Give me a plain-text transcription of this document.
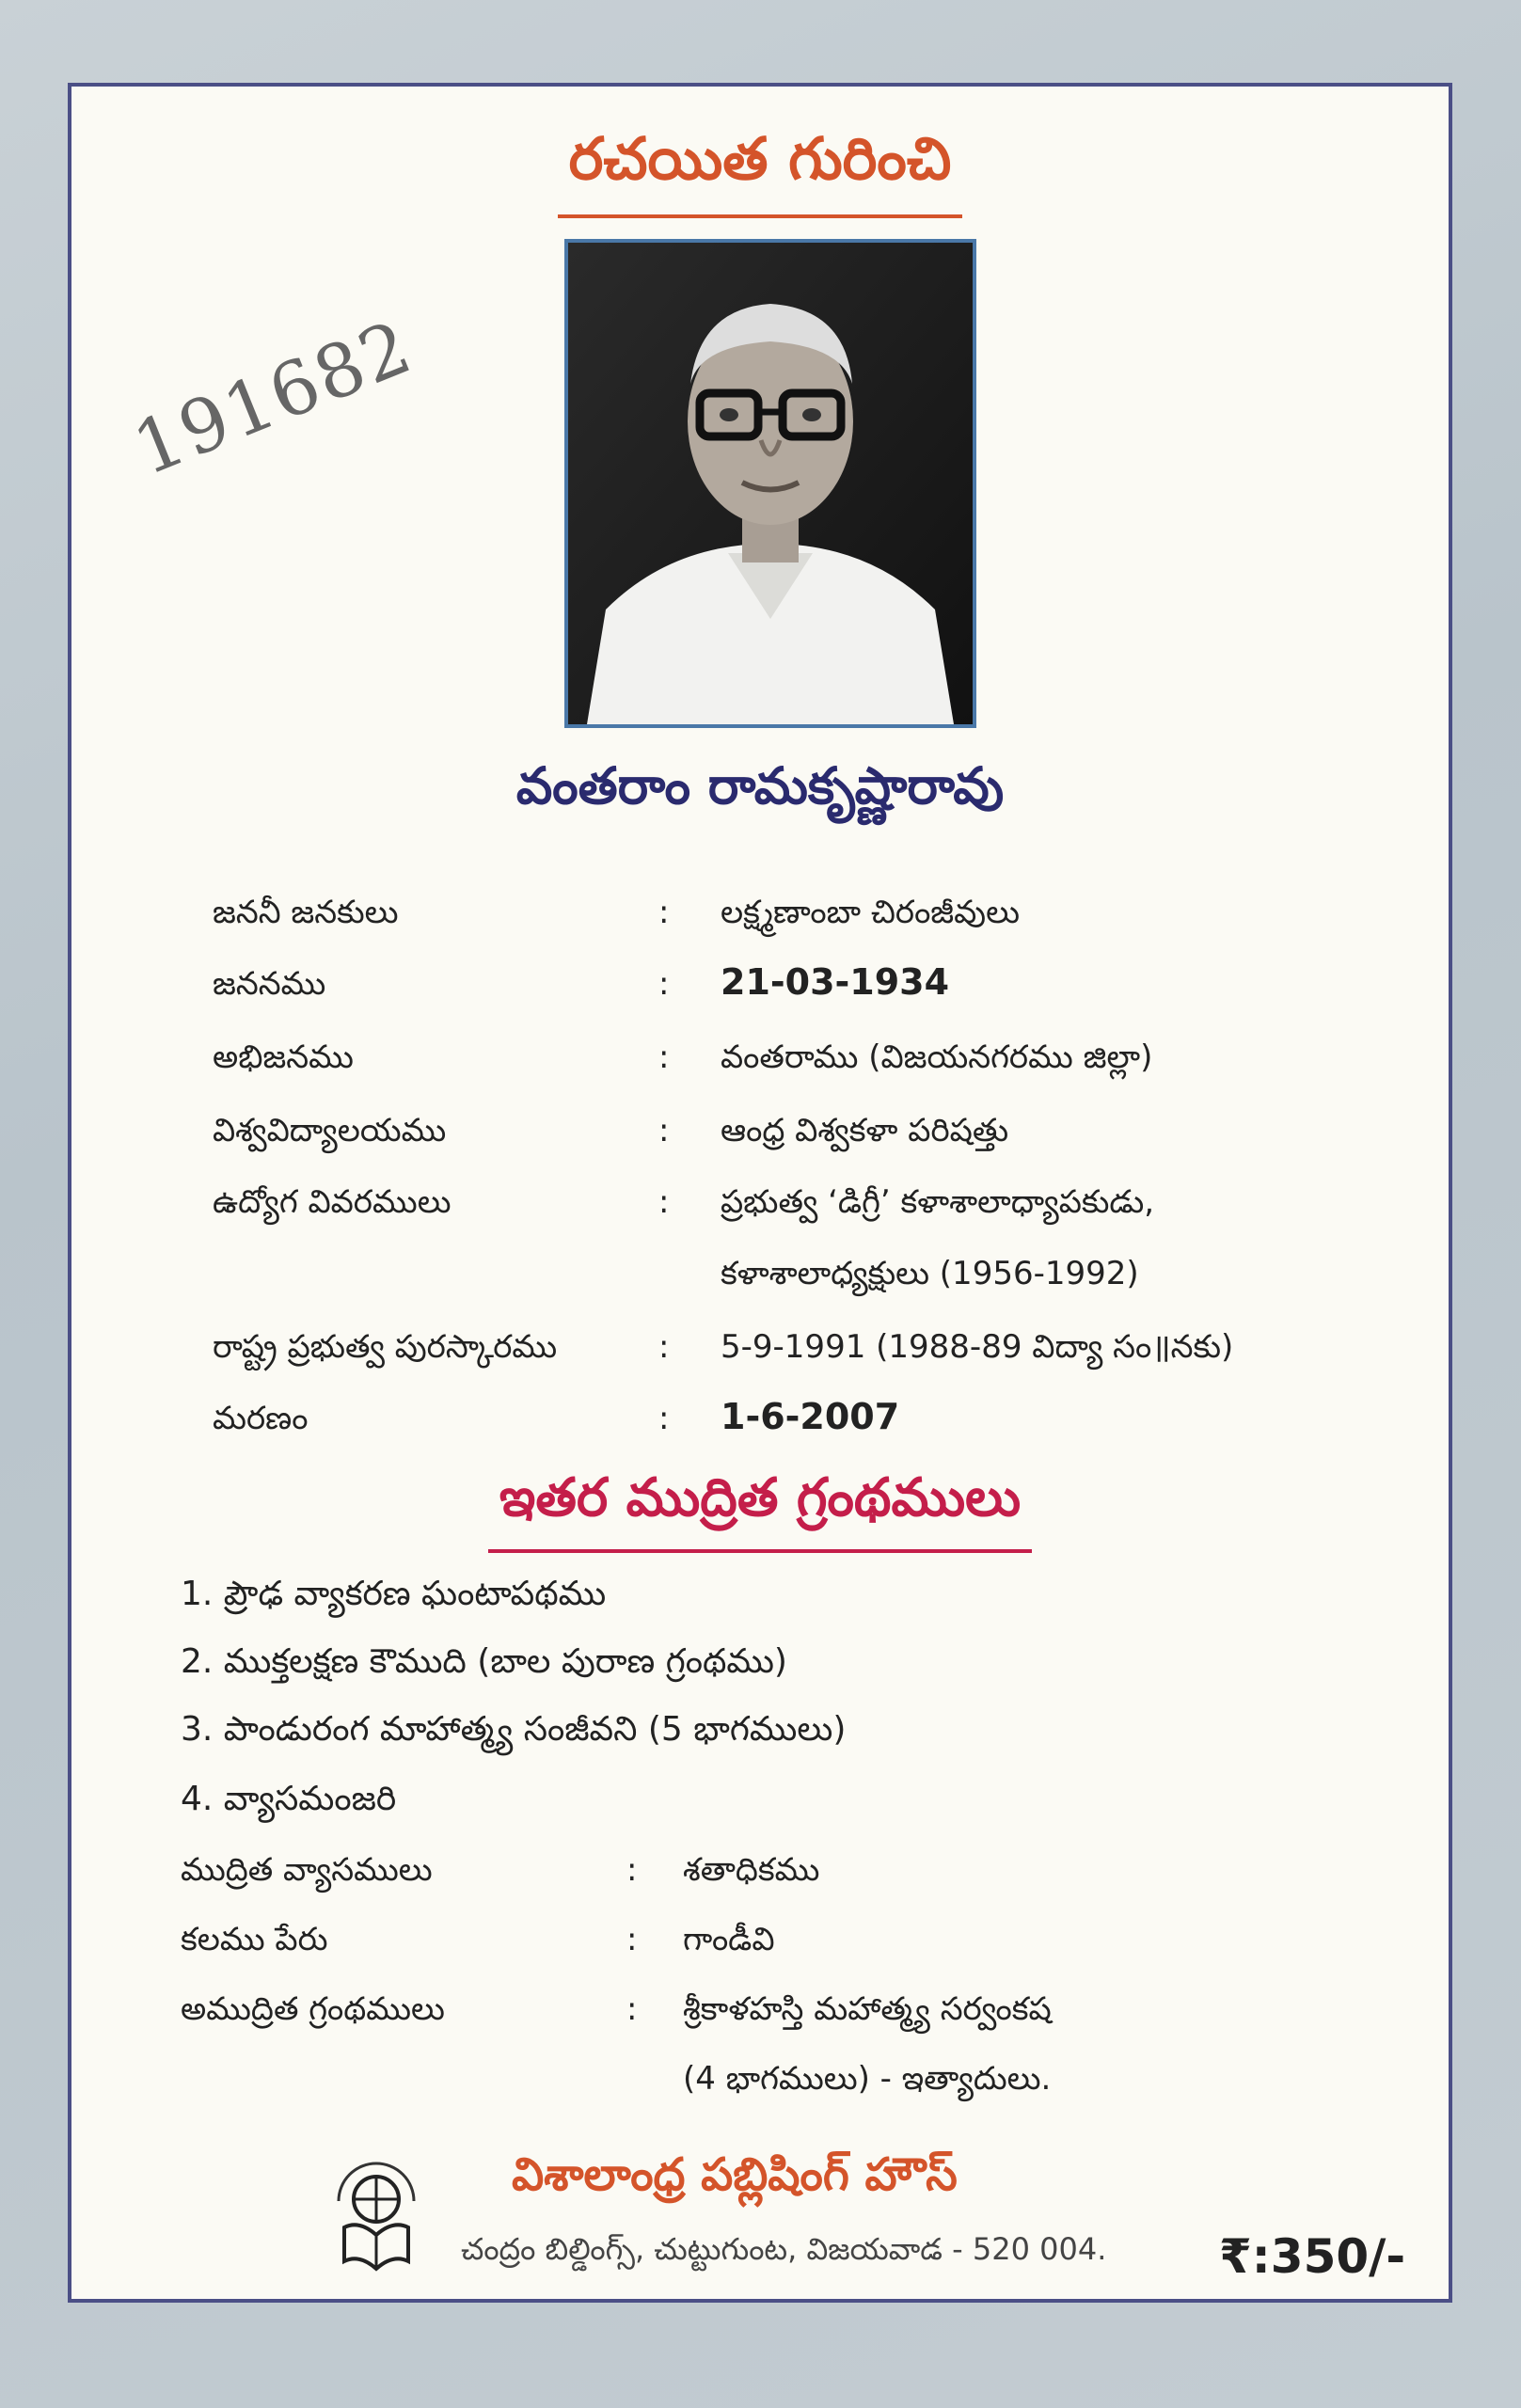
రచయిత గురించి
వంతరాం రామకృష్ణారావు
జననీ జనకులు	: లక్ష్మణాంబా చిరంజీవులు
జననము	: 21-03-1934
అభిజనము	: వంతరాము (విజయనగరము జిల్లా)
విశ్వవిద్యాలయము	: ఆంధ్ర విశ్వకళా పరిషత్తు
ఉద్యోగ వివరములు	: ప్రభుత్వ ‘డిగ్రీ’ కళాశాలాధ్యాపకుడు,
కళాశాలాధ్యక్షులు (1956-1992)
రాష్ట్ర ప్రభుత్వ పురస్కారము	: 5-9-1991 (1988-89 విద్యా సం॥నకు)
మరణం	: 1-6-2007
ఇతర ముద్రిత గ్రంథములు
1. ప్రౌఢ వ్యాకరణ ఘంటాపథము
2. ముక్తలక్షణ కౌముది (బాల పురాణ గ్రంథము)
3. పాండురంగ మాహాత్మ్య సంజీవని (5 భాగములు)
4. వ్యాసమంజరి
ముద్రిత వ్యాసములు	: శతాధికము
కలము పేరు	: గాండీవి
అముద్రిత గ్రంథములు	: శ్రీకాళహస్తి మహాత్మ్య సర్వంకష
(4 భాగములు) - ఇత్యాదులు.
విశాలాంధ్ర పబ్లిషింగ్ హౌస్
చంద్రం బిల్డింగ్స్, చుట్టుగుంట, విజయవాడ - 520 004. ₹:350/-
191682
